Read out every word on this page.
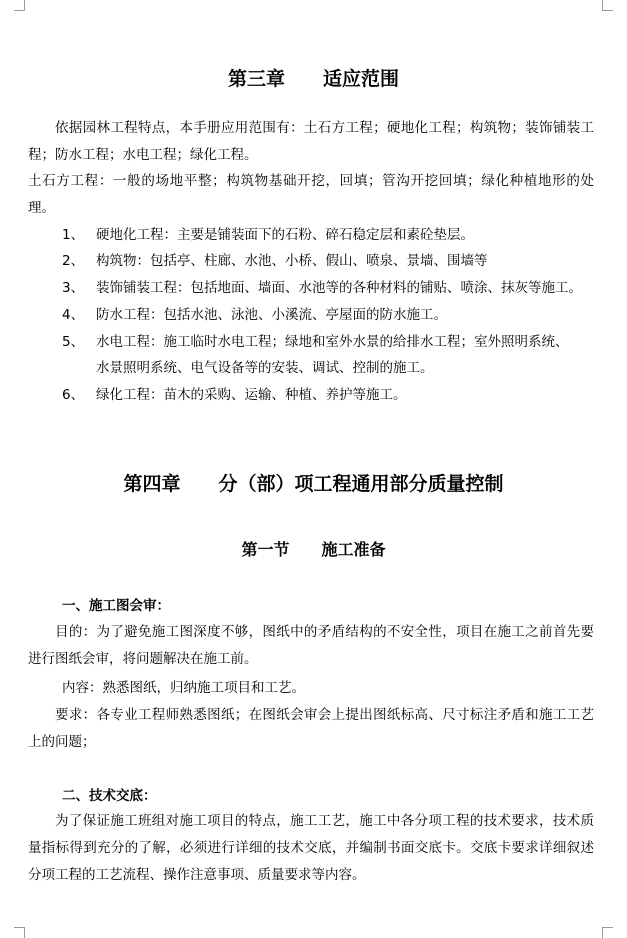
第三章　　适应范围
依据园林工程特点，本手册应用范围有：土石方工程；硬地化工程；构筑物；装饰铺装工程；防水工程；水电工程；绿化工程。
土石方工程：一般的场地平整；构筑物基础开挖，回填；管沟开挖回填；绿化种植地形的处理。
1、 硬地化工程：主要是铺装面下的石粉、碎石稳定层和素砼垫层。
2、 构筑物：包括亭、柱廊、水池、小桥、假山、喷泉、景墙、围墙等
3、 装饰铺装工程：包括地面、墙面、水池等的各种材料的铺贴、喷涂、抹灰等施工。
4、 防水工程：包括水池、泳池、小溪流、亭屋面的防水施工。
5、 水电工程：施工临时水电工程；绿地和室外水景的给排水工程；室外照明系统、
水景照明系统、电气设备等的安装、调试、控制的施工。
6、 绿化工程：苗木的采购、运输、种植、养护等施工。
第四章　　分（部）项工程通用部分质量控制
第一节　　施工准备
一、施工图会审：
目的：为了避免施工图深度不够，图纸中的矛盾结构的不安全性，项目在施工之前首先要进行图纸会审，将问题解决在施工前。
内容：熟悉图纸，归纳施工项目和工艺。
要求：各专业工程师熟悉图纸；在图纸会审会上提出图纸标高、尺寸标注矛盾和施工工艺上的问题；
二、技术交底：
为了保证施工班组对施工项目的特点，施工工艺，施工中各分项工程的技术要求，技术质量指标得到充分的了解，必须进行详细的技术交底，并编制书面交底卡。交底卡要求详细叙述分项工程的工艺流程、操作注意事项、质量要求等内容。
